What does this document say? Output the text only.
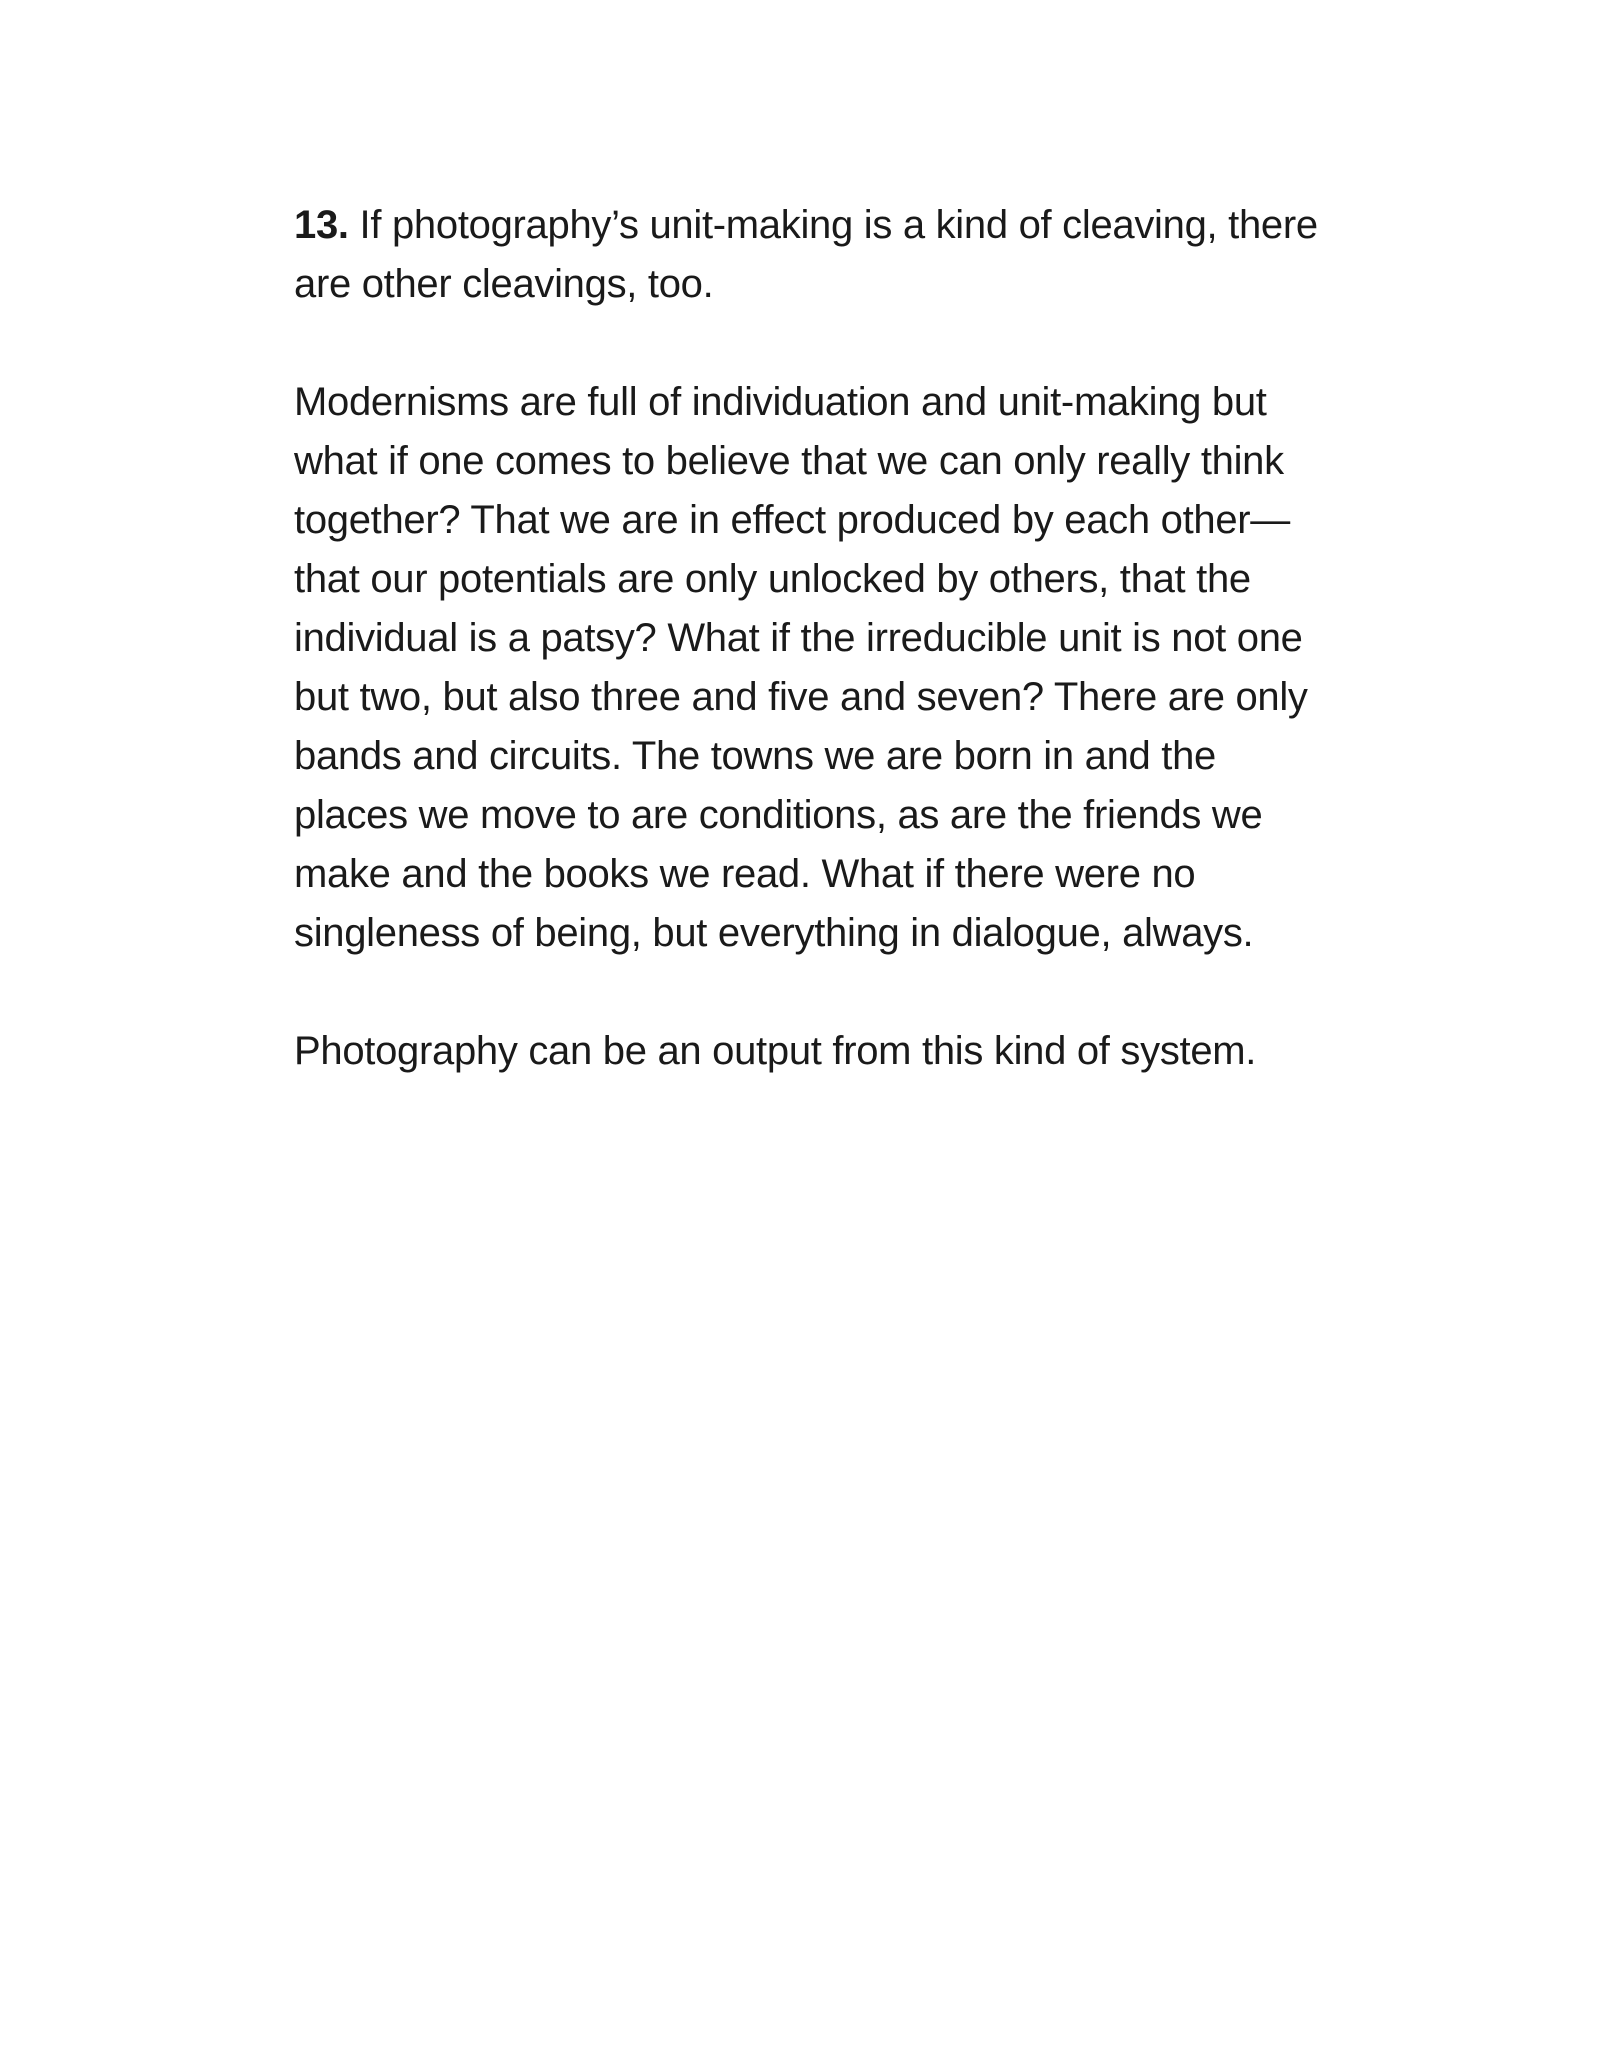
13. If photography’s unit-making is a kind of cleaving, there are other cleavings, too.

Modernisms are full of individuation and unit-making but what if one comes to believe that we can only really think together? That we are in effect produced by each other—that our potentials are only unlocked by others, that the individual is a patsy? What if the irreducible unit is not one but two, but also three and five and seven? There are only bands and circuits. The towns we are born in and the places we move to are conditions, as are the friends we make and the books we read. What if there were no singleness of being, but everything in dialogue, always.

Photography can be an output from this kind of system.
